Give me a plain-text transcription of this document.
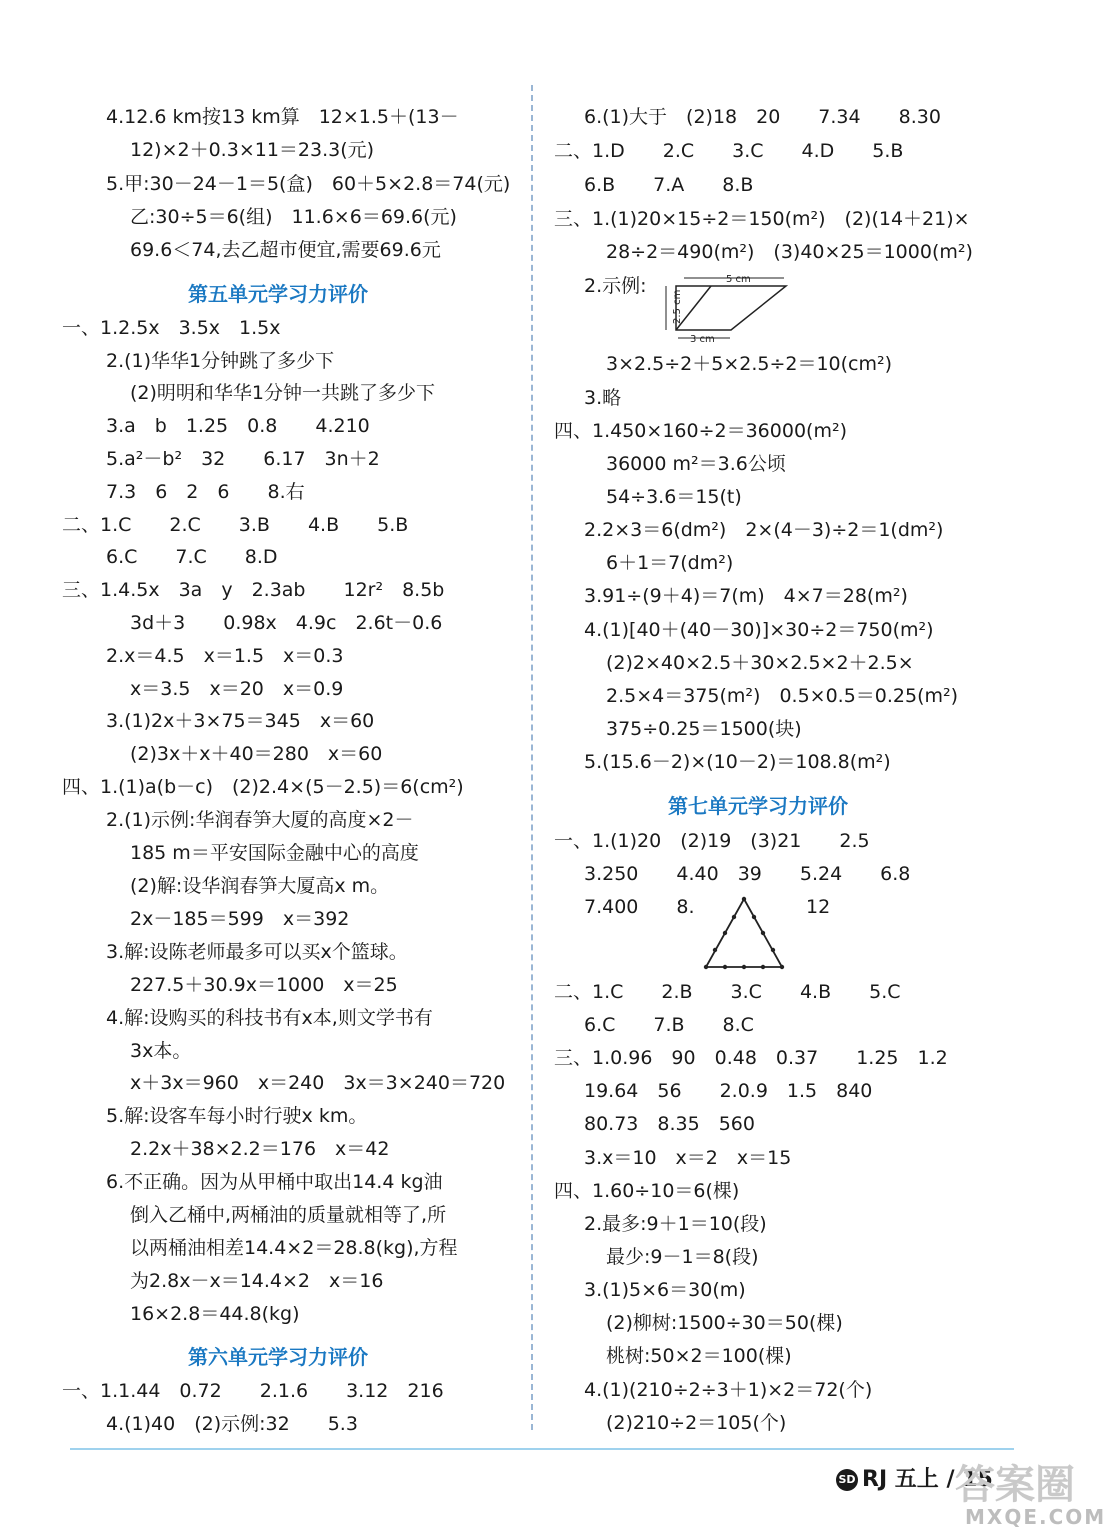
4.12.6 km按13 km算　12×1.5＋(13－
12)×2＋0.3×11＝23.3(元)
5.甲:30－24－1＝5(盒)　60＋5×2.8＝74(元)
乙:30÷5＝6(组)　11.6×6＝69.6(元)
69.6＜74,去乙超市便宜,需要69.6元
第五单元学习力评价
一、1.2.5x　3.5x　1.5x
2.(1)华华1分钟跳了多少下
(2)明明和华华1分钟一共跳了多少下
3.a　b　1.25　0.8　　4.210
5.a²－b²　32　　6.17　3n＋2
7.3　6　2　6　　8.右
二、1.C　　2.C　　3.B　　4.B　　5.B
6.C　　7.C　　8.D
三、1.4.5x　3a　y　2.3ab　　12r²　8.5b
3d＋3　　0.98x　4.9c　2.6t－0.6
2.x＝4.5　x＝1.5　x＝0.3
x＝3.5　x＝20　x＝0.9
3.(1)2x＋3×75＝345　x＝60
(2)3x＋x＋40＝280　x＝60
四、1.(1)a(b－c)　(2)2.4×(5－2.5)＝6(cm²)
2.(1)示例:华润春笋大厦的高度×2－
185 m＝平安国际金融中心的高度
(2)解:设华润春笋大厦高x m。
2x－185＝599　x＝392
3.解:设陈老师最多可以买x个篮球。
227.5＋30.9x＝1000　x＝25
4.解:设购买的科技书有x本,则文学书有
3x本。
x＋3x＝960　x＝240　3x＝3×240＝720
5.解:设客车每小时行驶x km。
2.2x＋38×2.2＝176　x＝42
6.不正确。因为从甲桶中取出14.4 kg油
倒入乙桶中,两桶油的质量就相等了,所
以两桶油相差14.4×2＝28.8(kg),方程
为2.8x－x＝14.4×2　x＝16
16×2.8＝44.8(kg)
第六单元学习力评价
一、1.1.44　0.72　　2.1.6　　3.12　216
4.(1)40　(2)示例:32　　5.3
6.(1)大于　(2)18　20　　7.34　　8.30
二、1.D　　2.C　　3.C　　4.D　　5.B
6.B　　7.A　　8.B
三、1.(1)20×15÷2＝150(m²)　(2)(14＋21)×
28÷2＝490(m²)　(3)40×25＝1000(m²)
2.示例:	5 cm
2.5 cm
3 cm
3×2.5÷2＋5×2.5÷2＝10(cm²)
3.略
四、1.450×160÷2＝36000(m²)
36000 m²＝3.6公顷
54÷3.6＝15(t)
2.2×3＝6(dm²)　2×(4－3)÷2＝1(dm²)
6＋1＝7(dm²)
3.91÷(9＋4)＝7(m)　4×7＝28(m²)
4.(1)[40＋(40－30)]×30÷2＝750(m²)
(2)2×40×2.5＋30×2.5×2＋2.5×
2.5×4＝375(m²)　0.5×0.5＝0.25(m²)
375÷0.25＝1500(块)
5.(15.6－2)×(10－2)＝108.8(m²)
第七单元学习力评价
一、1.(1)20　(2)19　(3)21　　2.5
3.250　　4.40　39　　5.24　　6.8
7.400　　8.	12
二、1.C　　2.B　　3.C　　4.B　　5.C
6.C　　7.B　　8.C
三、1.0.96　90　0.48　0.37　　1.25　1.2
19.64　56　　2.0.9　1.5　840
80.73　8.35　560
3.x＝10　x＝2　x＝15
四、1.60÷10＝6(棵)
2.最多:9＋1＝10(段)
最少:9－1＝8(段)
3.(1)5×6＝30(m)
(2)柳树:1500÷30＝50(棵)
桃树:50×2＝100(棵)
4.(1)(210÷2÷3＋1)×2＝72(个)
(2)210÷2＝105(个)
SD RJ 五上 / 15
答案圈
MXQE.COM
